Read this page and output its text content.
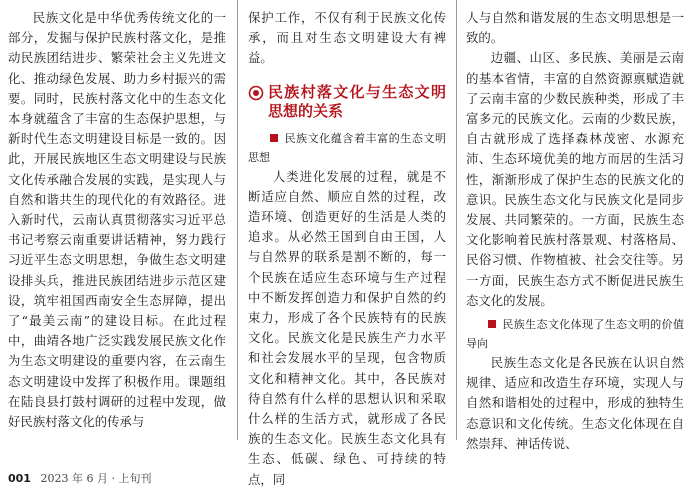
民族文化是中华优秀传统文化的一部分，发掘与保护民族村落文化，是推动民族团结进步、繁荣社会主义先进文化、推动绿色发展、助力乡村振兴的需要。同时，民族村落文化中的生态文化本身就蕴含了丰富的生态保护思想，与新时代生态文明建设目标是一致的。因此，开展民族地区生态文明建设与民族文化传承融合发展的实践，是实现人与自然和谐共生的现代化的有效路径。进入新时代，云南认真贯彻落实习近平总书记考察云南重要讲话精神，努力践行习近平生态文明思想，争做生态文明建设排头兵，推进民族团结进步示范区建设，筑牢祖国西南安全生态屏障，提出了“最美云南”的建设目标。在此过程中，曲靖各地广泛实践发展民族文化作为生态文明建设的重要内容，在云南生态文明建设中发挥了积极作用。课题组在陆良县打鼓村调研的过程中发现，做好民族村落文化的传承与

保护工作，不仅有利于民族文化传承，而且对生态文明建设大有裨益。

民族村落文化与生态文明思想的关系

民族文化蕴含着丰富的生态文明思想

人类进化发展的过程，就是不断适应自然、顺应自然的过程，改造环境、创造更好的生活是人类的追求。从必然王国到自由王国，人与自然界的联系是割不断的，每一个民族在适应生态环境与生产过程中不断发挥创造力和保护自然的约束力，形成了各个民族特有的民族文化。民族文化是民族生产力水平和社会发展水平的呈现，包含物质文化和精神文化。其中，各民族对待自然有什么样的思想认识和采取什么样的生活方式，就形成了各民族的生态文化。民族生态文化具有生态、低碳、绿色、可持续的特点，同

人与自然和谐发展的生态文明思想是一致的。

边疆、山区、多民族、美丽是云南的基本省情，丰富的自然资源禀赋造就了云南丰富的少数民族种类，形成了丰富多元的民族文化。云南的少数民族，自古就形成了选择森林茂密、水源充沛、生态环境优美的地方而居的生活习性，渐渐形成了保护生态的民族文化的意识。民族生态文化与民族文化是同步发展、共同繁荣的。一方面，民族生态文化影响着民族村落景观、村落格局、民俗习惯、作物植被、社会交往等。另一方面，民族生态方式不断促进民族生态文化的发展。

民族生态文化体现了生态文明的价值导向

民族生态文化是各民族在认识自然规律、适应和改造生存环境，实现人与自然和谐相处的过程中，形成的独特生态意识和文化传统。生态文化体现在自然崇拜、神话传说、

001 2023 年 6 月 · 上旬刊
